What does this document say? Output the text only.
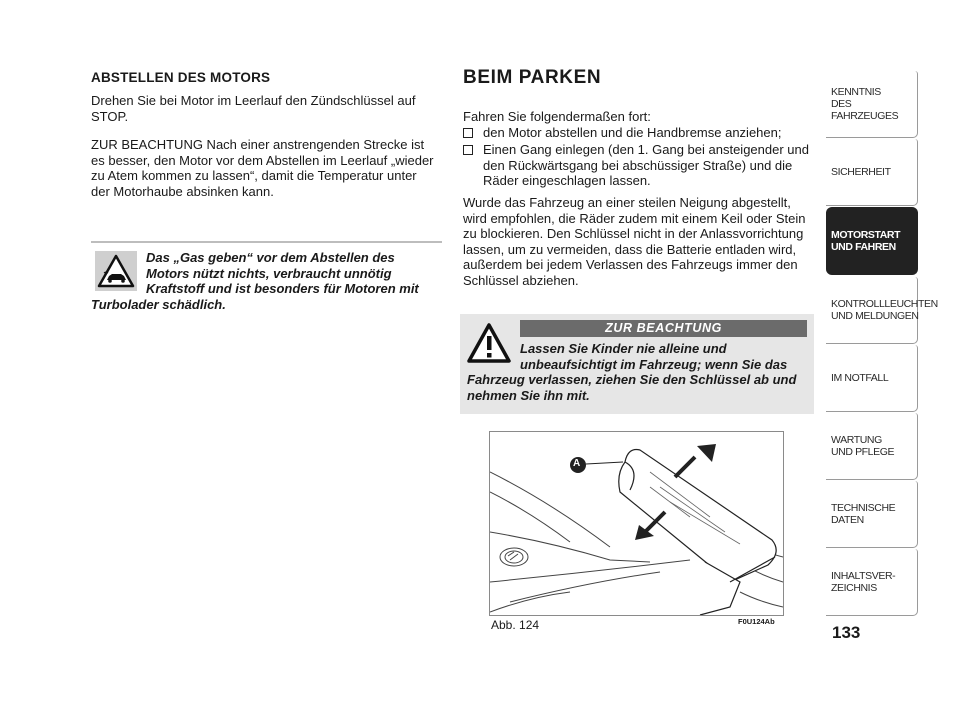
ABSTELLEN DES MOTORS
Drehen Sie bei Motor im Leerlauf den Zündschlüssel auf STOP.
ZUR BEACHTUNG Nach einer anstrengenden Strecke ist es besser, den Motor vor dem Abstellen im Leerlauf „wieder zu Atem kommen zu lassen“, damit die Temperatur unter der Motorhaube absinken kann.
Das „Gas geben“ vor dem Abstellen des Motors nützt nichts, verbraucht unnötig Kraftstoff und ist besonders für Motoren mit Turbolader schädlich.
BEIM PARKEN
Fahren Sie folgendermaßen fort:
den Motor abstellen und die Handbremse anziehen;
Einen Gang einlegen (den 1. Gang bei ansteigender und den Rückwärtsgang bei abschüssiger Straße) und die Räder eingeschlagen lassen.
Wurde das Fahrzeug an einer steilen Neigung abgestellt, wird empfohlen, die Räder zudem mit einem Keil oder Stein zu blockieren. Den Schlüssel nicht in der Anlassvorrichtung lassen, um zu vermeiden, dass die Batterie entladen wird, außerdem bei jedem Verlassen des Fahrzeugs immer den Schlüssel abziehen.
ZUR BEACHTUNG
Lassen Sie Kinder nie alleine und unbeaufsichtigt im Fahrzeug; wenn Sie das Fahrzeug verlassen, ziehen Sie den Schlüssel ab und nehmen Sie ihn mit.
A
Abb. 124	F0U124Ab
KENNTNIS
DES FAHRZEUGES
SICHERHEIT
MOTORSTART
UND FAHREN
KONTROLLLEUCHTEN
UND MELDUNGEN
IM NOTFALL
WARTUNG
UND PFLEGE
TECHNISCHE
DATEN
INHALTSVER-
ZEICHNIS
133
